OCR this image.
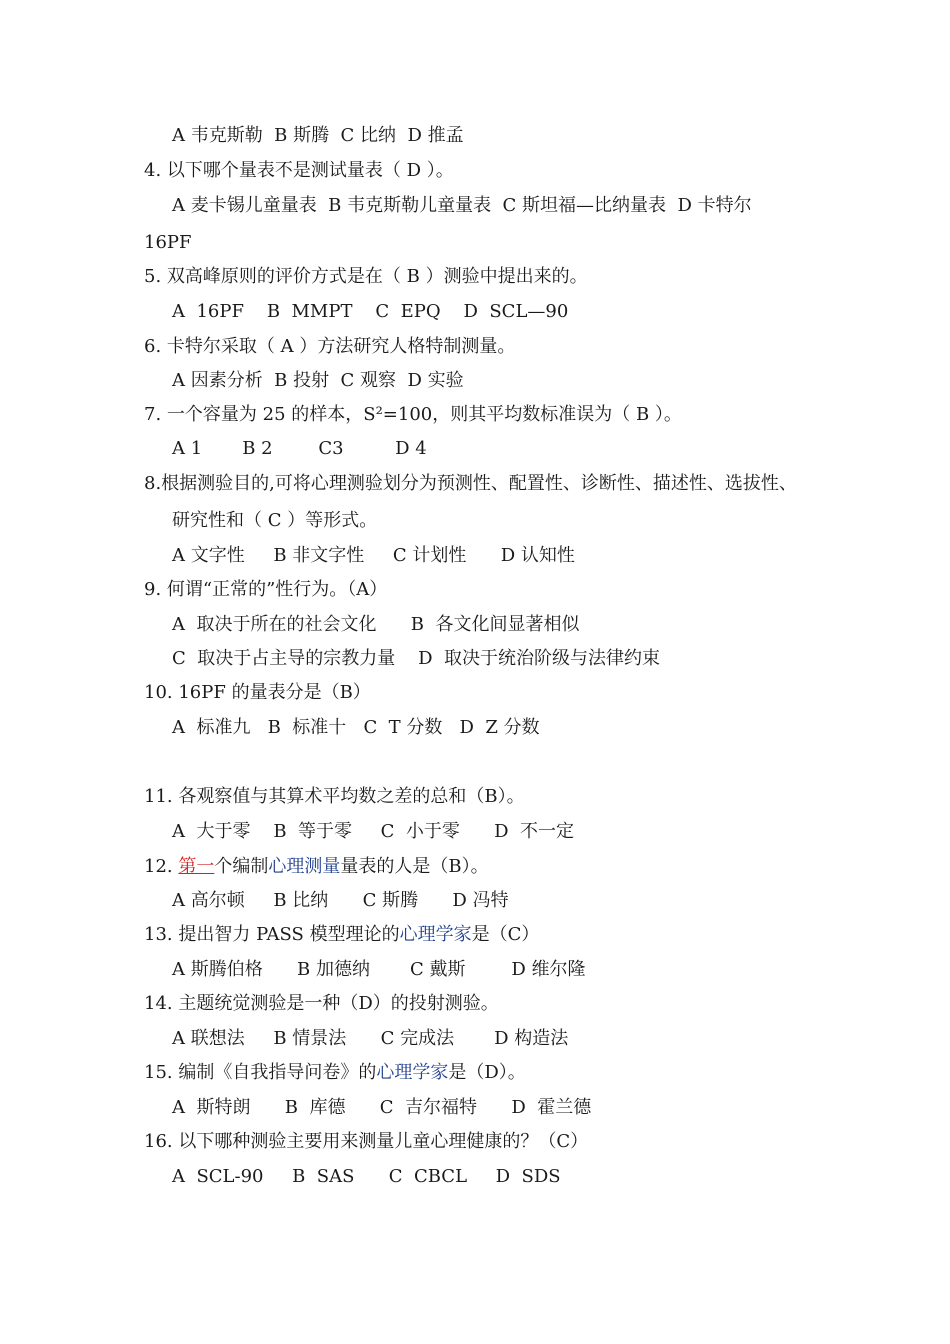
A 韦克斯勒  B 斯腾  C 比纳  D 推孟
4. 以下哪个量表不是测试量表（ D ）。
A 麦卡锡儿童量表  B 韦克斯勒儿童量表  C 斯坦福—比纳量表  D 卡特尔
16PF
5. 双高峰原则的评价方式是在（ B ）测验中提出来的。
A  16PF    B  MMPT    C  EPQ    D  SCL—90
6. 卡特尔采取（ A ）方法研究人格特制测量。
A 因素分析  B 投射  C 观察  D 实验
7. 一个容量为 25 的样本，S²=100，则其平均数标准误为（ B ）。
A 1       B 2        C3         D 4
8.根据测验目的,可将心理测验划分为预测性、配置性、诊断性、描述性、选拔性、
研究性和（ C ）等形式。
A 文字性     B 非文字性     C 计划性      D 认知性
9. 何谓“正常的”性行为。（A）
A  取决于所在的社会文化      B  各文化间显著相似
C  取决于占主导的宗教力量    D  取决于统治阶级与法律约束
10. 16PF 的量表分是（B）
A  标准九   B  标准十   C  T 分数   D  Z 分数
11. 各观察值与其算术平均数之差的总和（B）。
A  大于零    B  等于零     C  小于零      D  不一定
12. 第一个编制心理测量量表的人是（B）。
A 高尔顿     B 比纳      C 斯腾      D 冯特
13. 提出智力 PASS 模型理论的心理学家是（C）
A 斯腾伯格      B 加德纳       C 戴斯        D 维尔隆
14. 主题统觉测验是一种（D）的投射测验。
A 联想法     B 情景法      C 完成法       D 构造法
15. 编制《自我指导问卷》的心理学家是（D）。
A  斯特朗      B  库德      C  吉尔福特      D  霍兰德
16. 以下哪种测验主要用来测量儿童心理健康的？（C）
A  SCL-90     B  SAS      C  CBCL     D  SDS
